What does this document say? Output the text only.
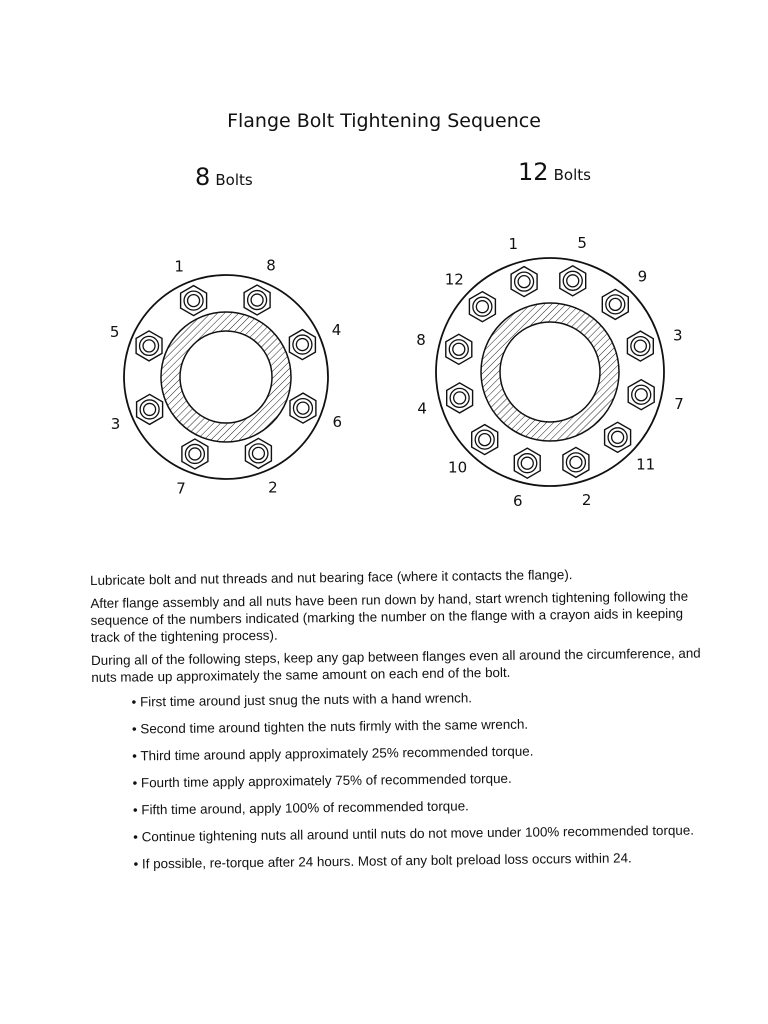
Flange Bolt Tightening Sequence
8 Bolts	12 Bolts
1	8
4
6
2
7
3
5
1	5
9
3
7
11
2
6
10
4
8
12

Lubricate bolt and nut threads and nut bearing face (where it contacts the flange).

After flange assembly and all nuts have been run down by hand, start wrench tightening following the sequence of the numbers indicated (marking the number on the flange with a crayon aids in keeping track of the tightening process).

During all of the following steps, keep any gap between flanges even all around the circumference, and nuts made up approximately the same amount on each end of the bolt.

• First time around just snug the nuts with a hand wrench.
• Second time around tighten the nuts firmly with the same wrench.
• Third time around apply approximately 25% recommended torque.
• Fourth time apply approximately 75% of recommended torque.
• Fifth time around, apply 100% of recommended torque.
• Continue tightening nuts all around until nuts do not move under 100% recommended torque.
• If possible, re-torque after 24 hours. Most of any bolt preload loss occurs within 24.
